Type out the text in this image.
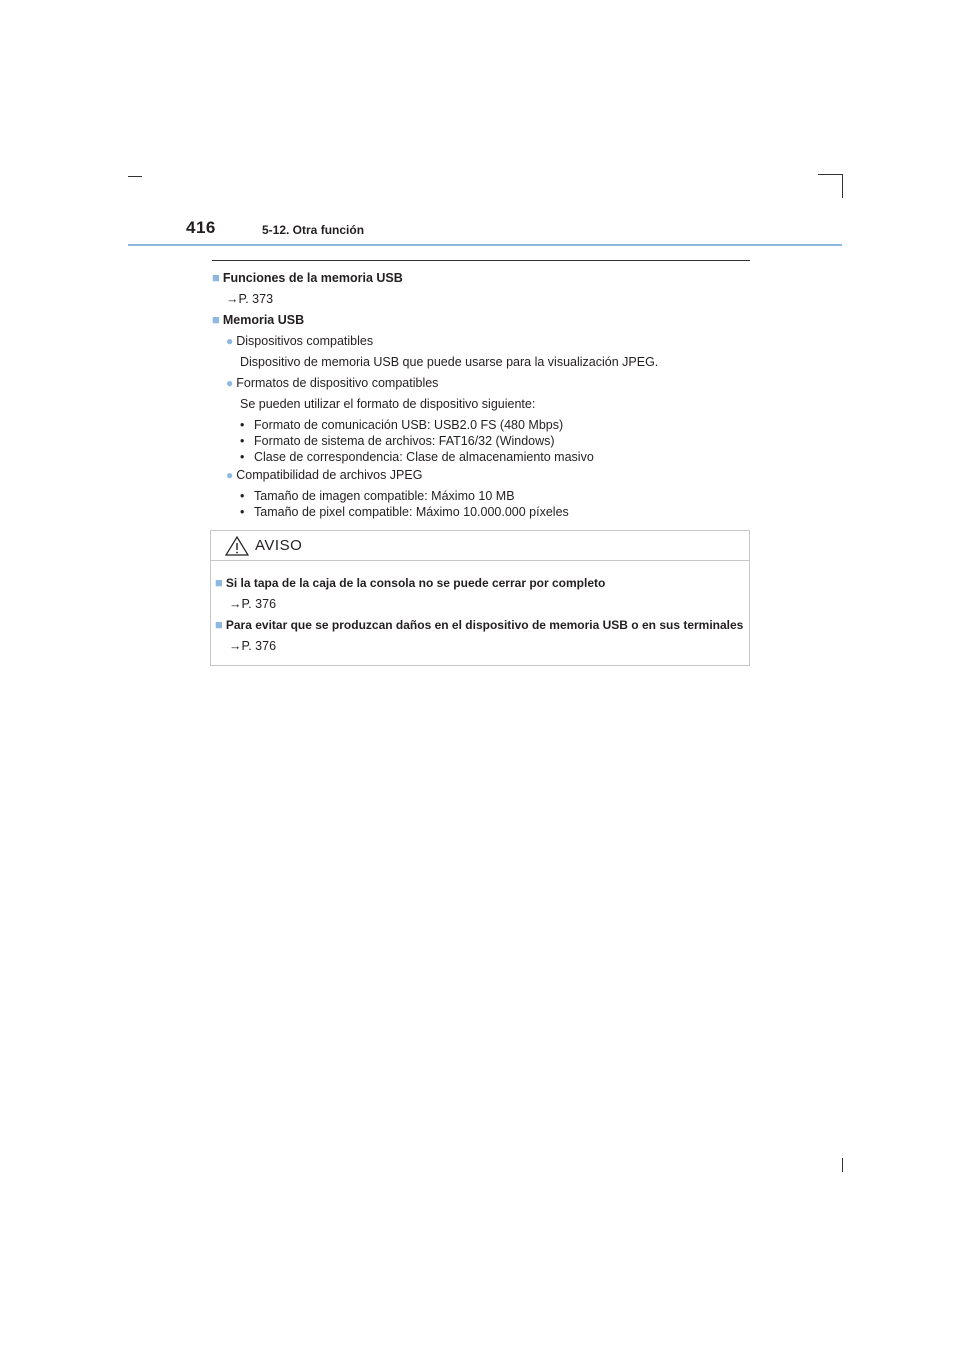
416	5-12. Otra función
■ Funciones de la memoria USB
→P. 373
■ Memoria USB
● Dispositivos compatibles
Dispositivo de memoria USB que puede usarse para la visualización JPEG.
● Formatos de dispositivo compatibles
Se pueden utilizar el formato de dispositivo siguiente:
• Formato de comunicación USB: USB2.0 FS (480 Mbps)
• Formato de sistema de archivos: FAT16/32 (Windows)
• Clase de correspondencia: Clase de almacenamiento masivo
● Compatibilidad de archivos JPEG
• Tamaño de imagen compatible: Máximo 10 MB
• Tamaño de pixel compatible: Máximo 10.000.000 píxeles
AVISO
■ Si la tapa de la caja de la consola no se puede cerrar por completo
→P. 376
■ Para evitar que se produzcan daños en el dispositivo de memoria USB o en sus terminales
→P. 376
